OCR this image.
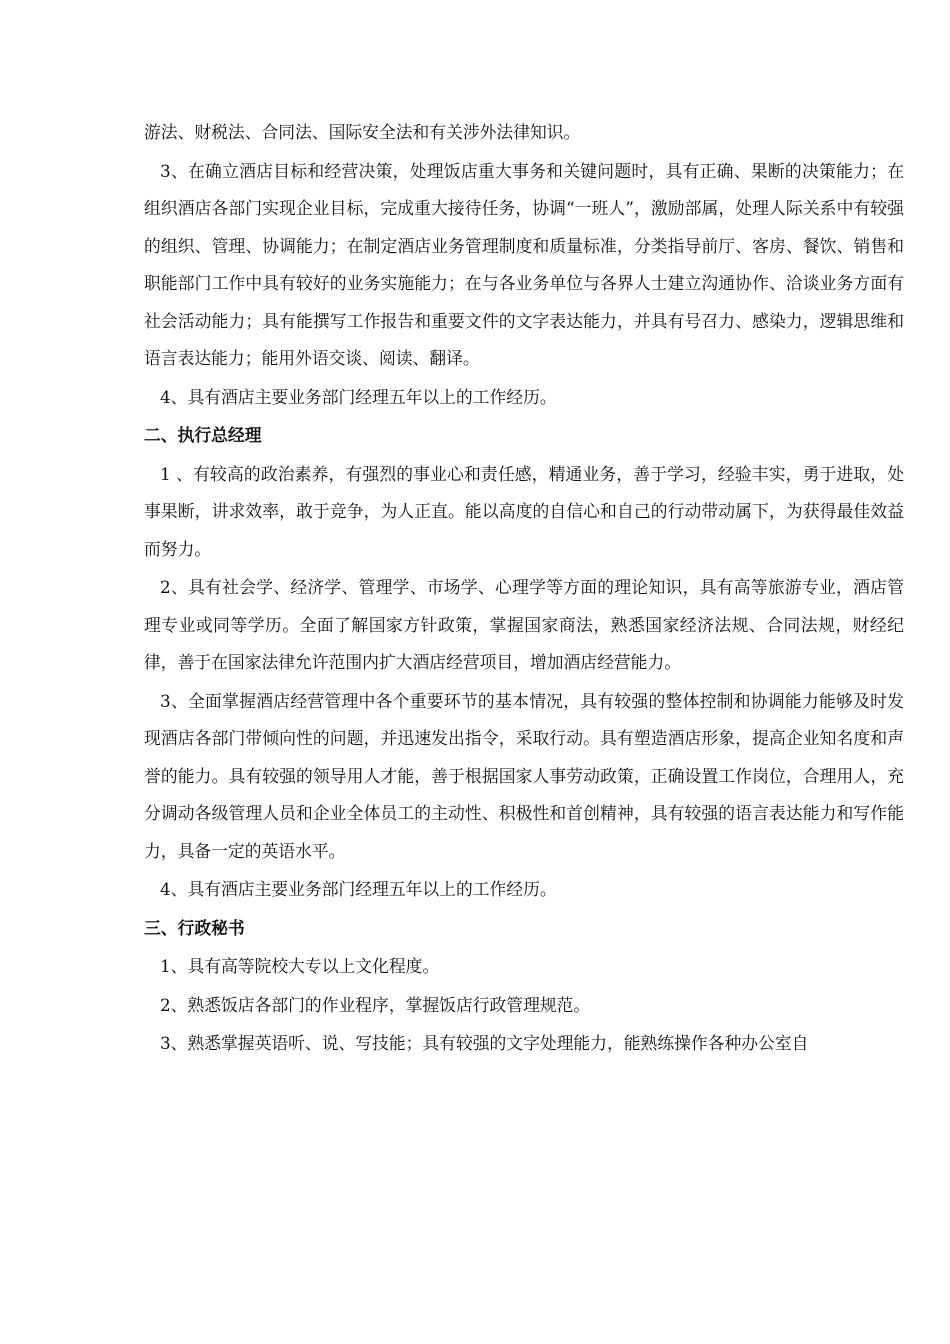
游法、财税法、合同法、国际安全法和有关涉外法律知识。

3、在确立酒店目标和经营决策，处理饭店重大事务和关键问题时，具有正确、果断的决策能力；在组织酒店各部门实现企业目标，完成重大接待任务，协调“一班人”，激励部属，处理人际关系中有较强的组织、管理、协调能力；在制定酒店业务管理制度和质量标准，分类指导前厅、客房、餐饮、销售和职能部门工作中具有较好的业务实施能力；在与各业务单位与各界人士建立沟通协作、洽谈业务方面有社会活动能力；具有能撰写工作报告和重要文件的文字表达能力，并具有号召力、感染力，逻辑思维和语言表达能力；能用外语交谈、阅读、翻译。

4、具有酒店主要业务部门经理五年以上的工作经历。

二、执行总经理

1 、有较高的政治素养，有强烈的事业心和责任感，精通业务，善于学习，经验丰实，勇于进取，处事果断，讲求效率，敢于竞争，为人正直。能以高度的自信心和自己的行动带动属下，为获得最佳效益而努力。

2、具有社会学、经济学、管理学、市场学、心理学等方面的理论知识，具有高等旅游专业，酒店管理专业或同等学历。全面了解国家方针政策，掌握国家商法，熟悉国家经济法规、合同法规，财经纪律，善于在国家法律允许范围内扩大酒店经营项目，增加酒店经营能力。

3、全面掌握酒店经营管理中各个重要环节的基本情况，具有较强的整体控制和协调能力能够及时发现酒店各部门带倾向性的问题，并迅速发出指令，采取行动。具有塑造酒店形象，提高企业知名度和声誉的能力。具有较强的领导用人才能，善于根据国家人事劳动政策，正确设置工作岗位，合理用人，充分调动各级管理人员和企业全体员工的主动性、积极性和首创精神，具有较强的语言表达能力和写作能力，具备一定的英语水平。

4、具有酒店主要业务部门经理五年以上的工作经历。

三、行政秘书

1、具有高等院校大专以上文化程度。

2、熟悉饭店各部门的作业程序，掌握饭店行政管理规范。

3、熟悉掌握英语听、说、写技能；具有较强的文字处理能力，能熟练操作各种办公室自
